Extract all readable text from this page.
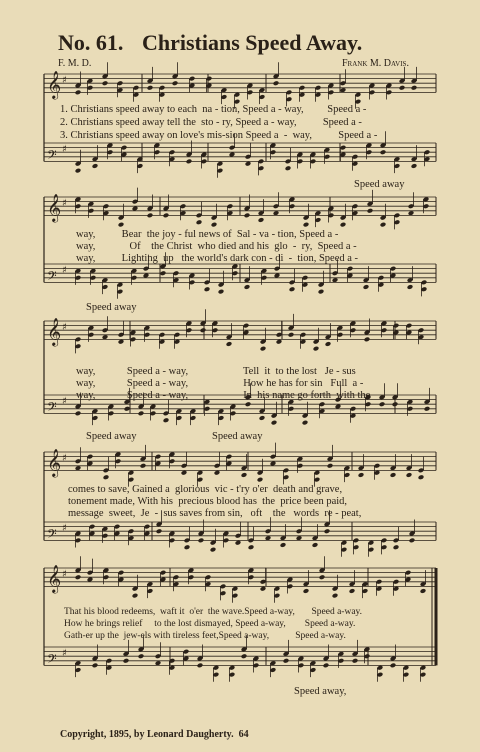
𝄞 ♯
𝄢 ♯
𝄞 ♯
𝄢 ♯
𝄞 ♯
𝄢 ♯
𝄞 ♯
𝄢 ♯
𝄞 ♯
𝄢 ♯
No. 61. Christians Speed Away.
F. M. D.	Frank M. Davis.
1. Christians speed away to each  na - tion, Speed a - way,         Speed a -
2. Christians speed away tell the  sto - ry, Speed a - way,          Speed a -
3. Christians speed away on love's mis-sion Speed a  -  way,          Speed a -
Speed away
way,          Bear  the joy - ful news of  Sal - va - tion, Speed a -
way,             Of    the Christ  who died and his  glo  -  ry,  Speed a -
way,          Lighting  up   the world's dark con - di  -  tion, Speed a -
Speed away
way,            Speed a - way,                     Tell  it  to the lost   Je - sus
way,            Speed a - way,                     How he has for sin   Full  a -
way,            Speed a - way,                     In  his name go forth  with the
Speed away	Speed away
comes to save, Gained a  glorious  vic - t'ry o'er  death and grave,
tonement made, With his  precious blood has  the  price been paid,
message  sweet,  Je  -  sus saves from sin,   oft    the   words  re - peat,
That his blood redeems,  waft it  o'er  the wave.Speed a-way,       Speed a-way.
How he brings relief     to the lost dismayed, Speed a-way,        Speed a-way.
Gath-er up the  jew-els with tireless feet,Speed a-way,           Speed a-way.
Speed away,
Copyright, 1895, by Leonard Daugherty. 64
